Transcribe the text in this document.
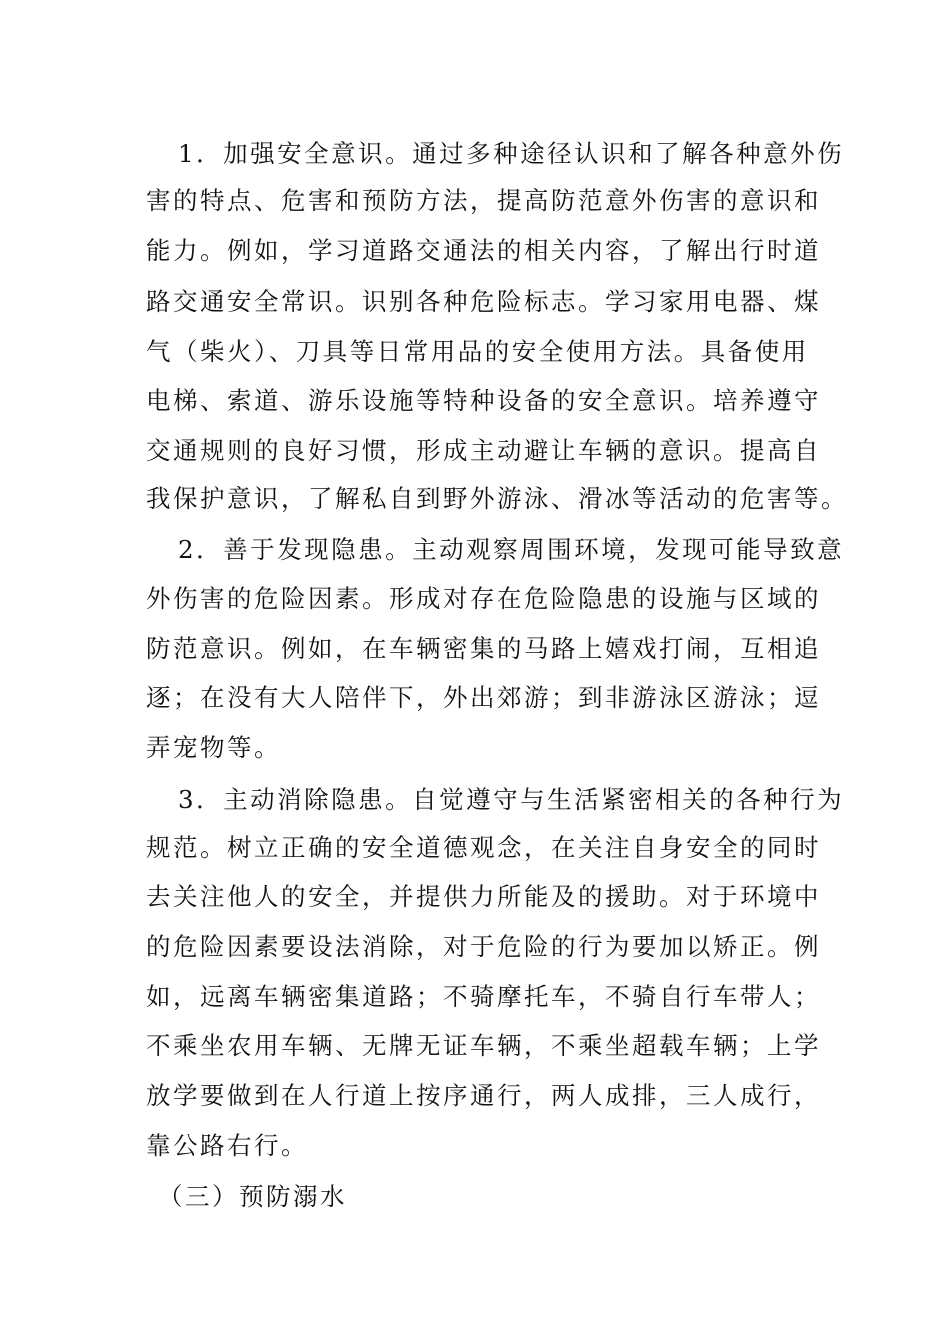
1．加强安全意识。通过多种途径认识和了解各种意外伤
害的特点、危害和预防方法，提高防范意外伤害的意识和
能力。例如，学习道路交通法的相关内容，了解出行时道
路交通安全常识。识别各种危险标志。学习家用电器、煤
气（柴火）、刀具等日常用品的安全使用方法。具备使用
电梯、索道、游乐设施等特种设备的安全意识。培养遵守
交通规则的良好习惯，形成主动避让车辆的意识。提高自
我保护意识，了解私自到野外游泳、滑冰等活动的危害等。
2．善于发现隐患。主动观察周围环境，发现可能导致意
外伤害的危险因素。形成对存在危险隐患的设施与区域的
防范意识。例如，在车辆密集的马路上嬉戏打闹，互相追
逐；在没有大人陪伴下，外出郊游；到非游泳区游泳；逗
弄宠物等。
3．主动消除隐患。自觉遵守与生活紧密相关的各种行为
规范。树立正确的安全道德观念，在关注自身安全的同时
去关注他人的安全，并提供力所能及的援助。对于环境中
的危险因素要设法消除，对于危险的行为要加以矫正。例
如，远离车辆密集道路；不骑摩托车，不骑自行车带人；
不乘坐农用车辆、无牌无证车辆，不乘坐超载车辆；上学
放学要做到在人行道上按序通行，两人成排，三人成行，
靠公路右行。
（三）预防溺水
